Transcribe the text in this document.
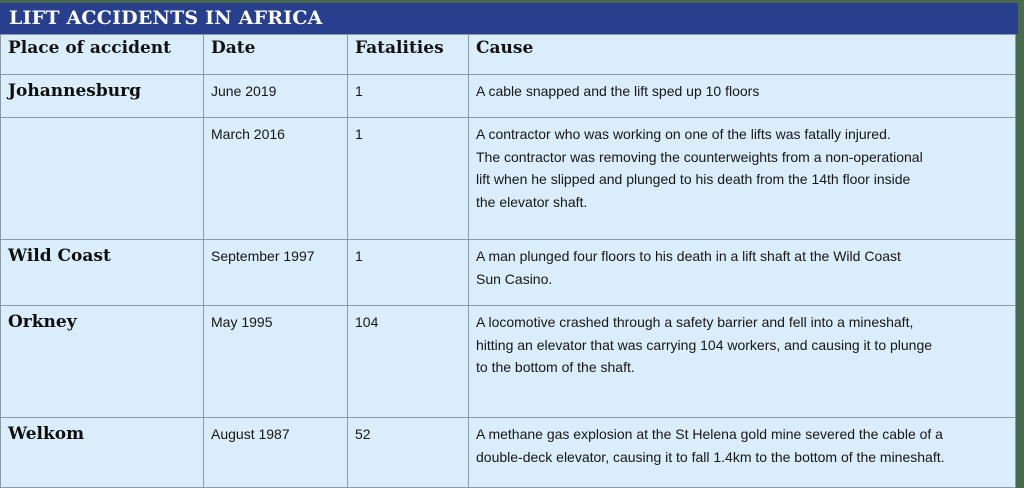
LIFT ACCIDENTS IN AFRICA
Place of accident	Date	Fatalities	Cause
Johannesburg	June 2019	1	A cable snapped and the lift sped up 10 floors

	March 2016	1	A contractor who was working on one of the lifts was fatally injured.
The contractor was removing the counterweights from a non-operational
lift when he slipped and plunged to his death from the 14th floor inside
the elevator shaft.

Wild Coast	September 1997	1	A man plunged four floors to his death in a lift shaft at the Wild Coast
Sun Casino.

Orkney	May 1995	104	A locomotive crashed through a safety barrier and fell into a mineshaft,
hitting an elevator that was carrying 104 workers, and causing it to plunge
to the bottom of the shaft.

Welkom	August 1987	52	A methane gas explosion at the St Helena gold mine severed the cable of a
double-deck elevator, causing it to fall 1.4km to the bottom of the mineshaft.
